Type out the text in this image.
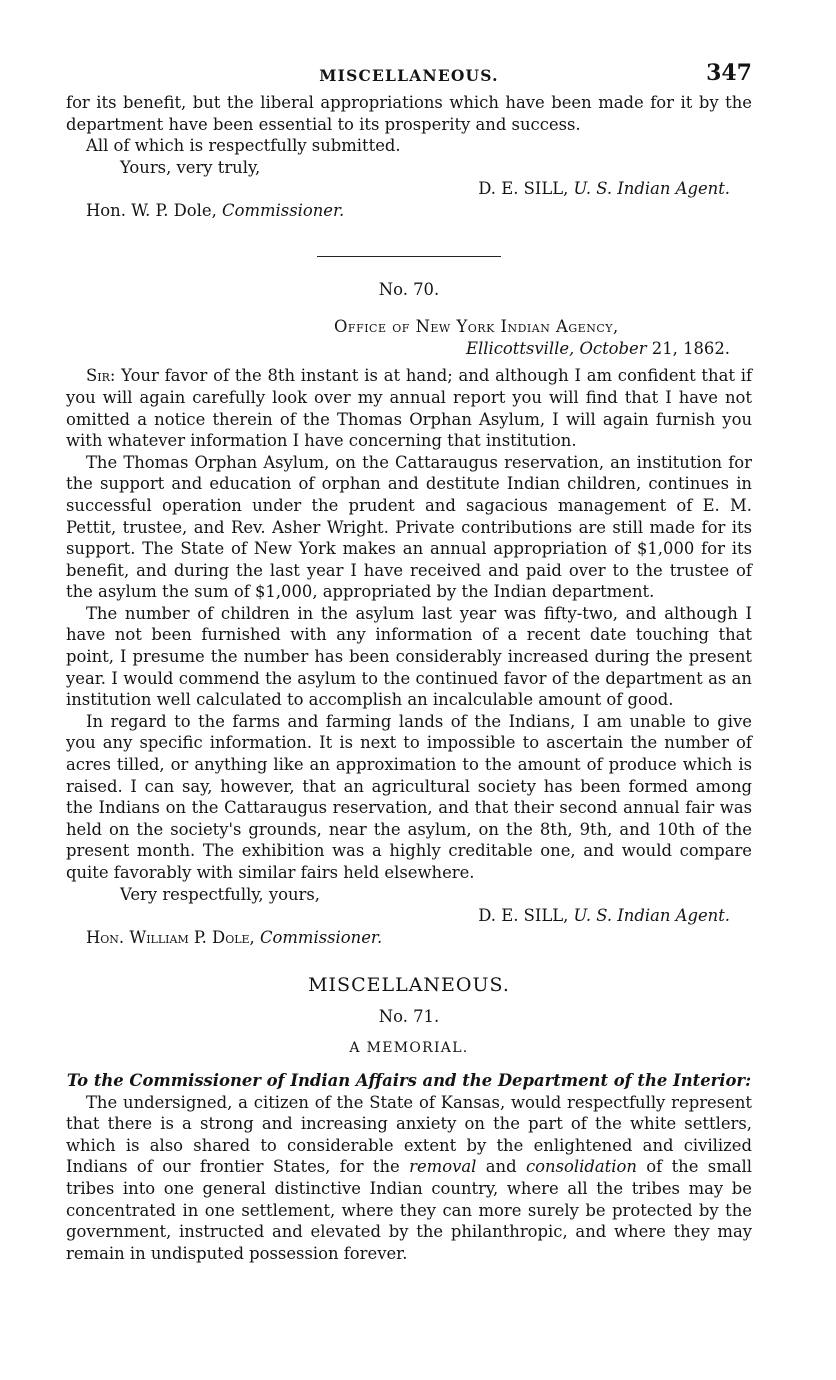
MISCELLANEOUS.	347

for its benefit, but the liberal appropriations which have been made for it by the department have been essential to its prosperity and success.

All of which is respectfully submitted.

Yours, very truly,

D. E. SILL, U. S. Indian Agent.

Hon. W. P. Dole, Commissioner.

No. 70.

Office of New York Indian Agency,

Ellicottsville, October 21, 1862.

Sir: Your favor of the 8th instant is at hand; and although I am confident that if you will again carefully look over my annual report you will find that I have not omitted a notice therein of the Thomas Orphan Asylum, I will again furnish you with whatever information I have concerning that institution.

The Thomas Orphan Asylum, on the Cattaraugus reservation, an institution for the support and education of orphan and destitute Indian children, continues in successful operation under the prudent and sagacious management of E. M. Pettit, trustee, and Rev. Asher Wright. Private contributions are still made for its support. The State of New York makes an annual appropriation of $1,000 for its benefit, and during the last year I have received and paid over to the trustee of the asylum the sum of $1,000, appropriated by the Indian department.

The number of children in the asylum last year was fifty-two, and although I have not been furnished with any information of a recent date touching that point, I presume the number has been considerably increased during the present year. I would commend the asylum to the continued favor of the department as an institution well calculated to accomplish an incalculable amount of good.

In regard to the farms and farming lands of the Indians, I am unable to give you any specific information. It is next to impossible to ascertain the number of acres tilled, or anything like an approximation to the amount of produce which is raised. I can say, however, that an agricultural society has been formed among the Indians on the Cattaraugus reservation, and that their second annual fair was held on the society's grounds, near the asylum, on the 8th, 9th, and 10th of the present month. The exhibition was a highly creditable one, and would compare quite favorably with similar fairs held elsewhere.

Very respectfully, yours,

D. E. SILL, U. S. Indian Agent.

Hon. William P. Dole, Commissioner.

MISCELLANEOUS.

No. 71.

A MEMORIAL.

To the Commissioner of Indian Affairs and the Department of the Interior:

The undersigned, a citizen of the State of Kansas, would respectfully represent that there is a strong and increasing anxiety on the part of the white settlers, which is also shared to considerable extent by the enlightened and civilized Indians of our frontier States, for the removal and consolidation of the small tribes into one general distinctive Indian country, where all the tribes may be concentrated in one settlement, where they can more surely be protected by the government, instructed and elevated by the philanthropic, and where they may remain in undisputed possession forever.
